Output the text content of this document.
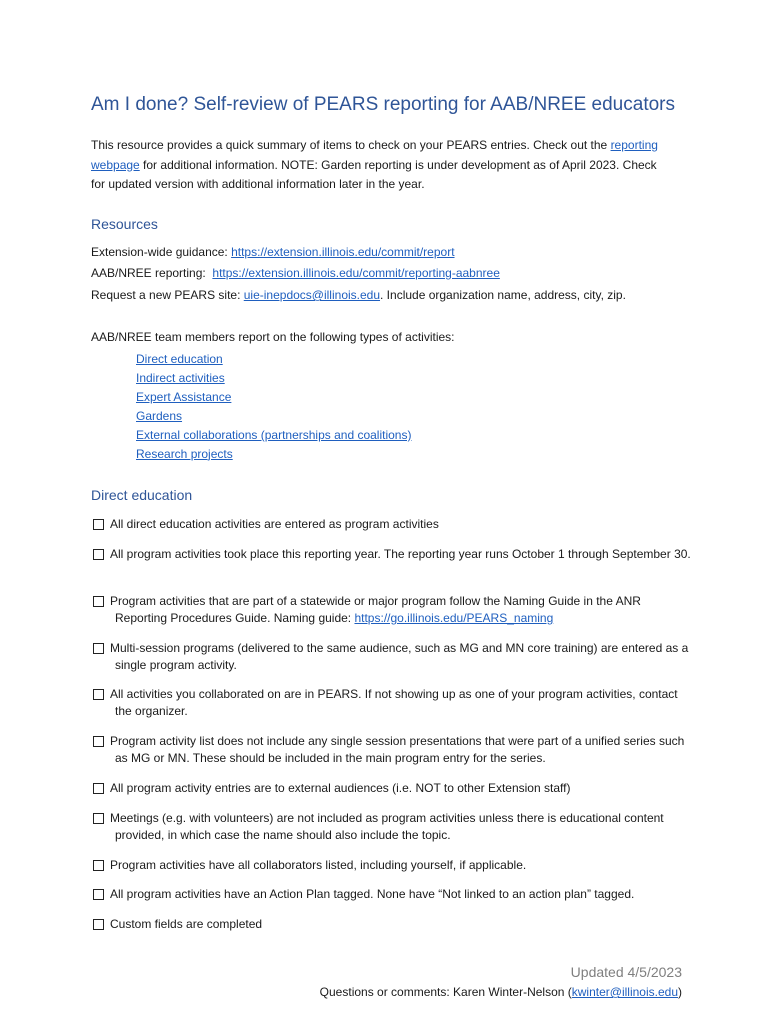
Am I done? Self-review of PEARS reporting for AAB/NREE educators

This resource provides a quick summary of items to check on your PEARS entries. Check out the reporting webpage for additional information. NOTE: Garden reporting is under development as of April 2023. Check for updated version with additional information later in the year.

Resources
Extension-wide guidance: https://extension.illinois.edu/commit/report
AAB/NREE reporting:  https://extension.illinois.edu/commit/reporting-aabnree
Request a new PEARS site: uie-inepdocs@illinois.edu. Include organization name, address, city, zip.
AAB/NREE team members report on the following types of activities:
Direct education
Indirect activities
Expert Assistance
Gardens
External collaborations (partnerships and coalitions)
Research projects
Direct education
All direct education activities are entered as program activities
All program activities took place this reporting year. The reporting year runs October 1 through September 30.
Program activities that are part of a statewide or major program follow the Naming Guide in the ANR Reporting Procedures Guide. Naming guide: https://go.illinois.edu/PEARS_naming
Multi-session programs (delivered to the same audience, such as MG and MN core training) are entered as a single program activity.
All activities you collaborated on are in PEARS. If not showing up as one of your program activities, contact the organizer.
Program activity list does not include any single session presentations that were part of a unified series such as MG or MN. These should be included in the main program entry for the series.
All program activity entries are to external audiences (i.e. NOT to other Extension staff)
Meetings (e.g. with volunteers) are not included as program activities unless there is educational content provided, in which case the name should also include the topic.
Program activities have all collaborators listed, including yourself, if applicable.
All program activities have an Action Plan tagged. None have “Not linked to an action plan” tagged.
Custom fields are completed
Updated 4/5/2023
Questions or comments: Karen Winter-Nelson (kwinter@illinois.edu)
